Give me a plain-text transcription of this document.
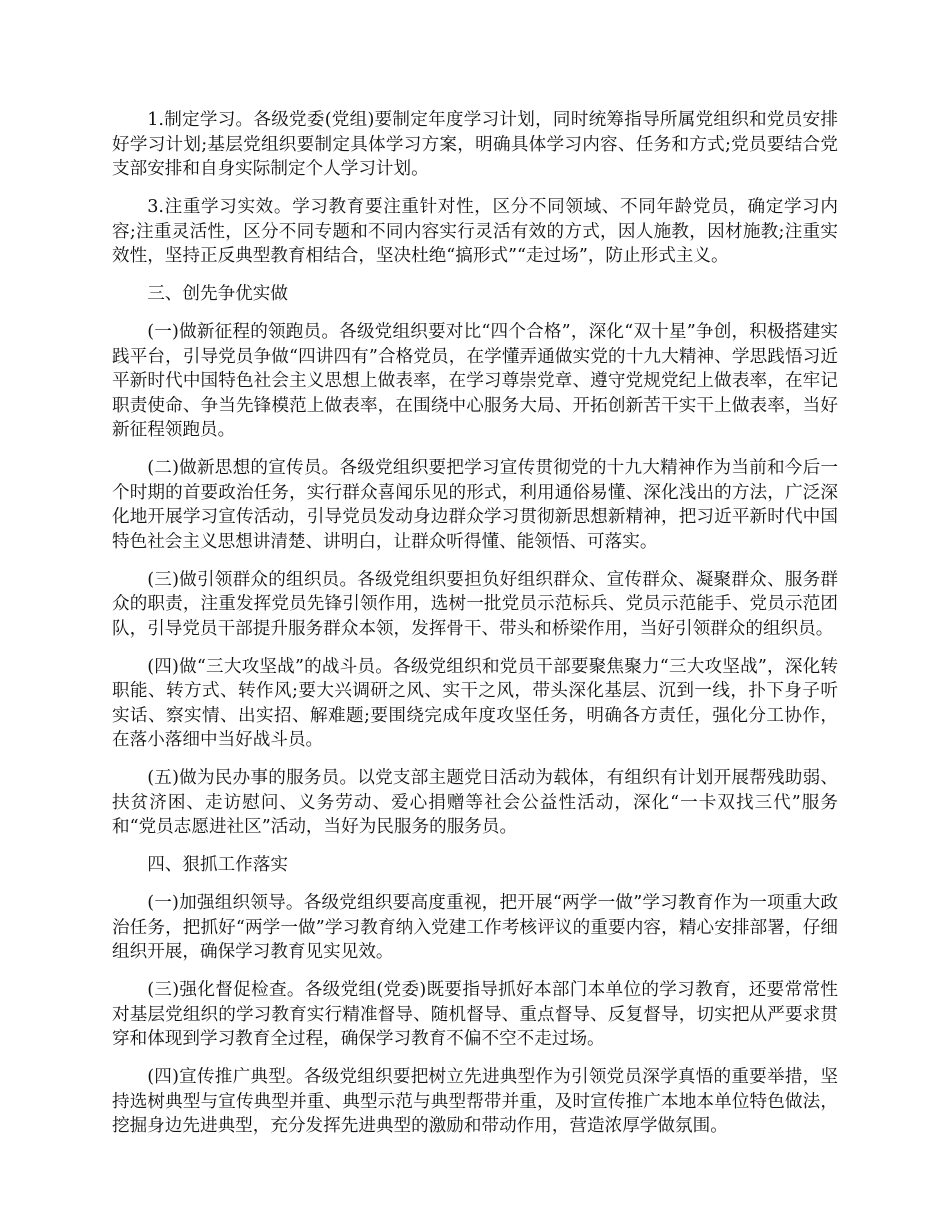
1.制定学习。各级党委(党组)要制定年度学习计划，同时统筹指导所属党组织和党员安排好学习计划;基层党组织要制定具体学习方案，明确具体学习内容、任务和方式;党员要结合党支部安排和自身实际制定个人学习计划。

3.注重学习实效。学习教育要注重针对性，区分不同领域、不同年龄党员，确定学习内容;注重灵活性，区分不同专题和不同内容实行灵活有效的方式，因人施教，因材施教;注重实效性，坚持正反典型教育相结合，坚决杜绝“搞形式”“走过场”，防止形式主义。

三、创先争优实做

(一)做新征程的领跑员。各级党组织要对比“四个合格”，深化“双十星”争创，积极搭建实践平台，引导党员争做“四讲四有”合格党员，在学懂弄通做实党的十九大精神、学思践悟习近平新时代中国特色社会主义思想上做表率，在学习尊崇党章、遵守党规党纪上做表率，在牢记职责使命、争当先锋模范上做表率，在围绕中心服务大局、开拓创新苦干实干上做表率，当好新征程领跑员。

(二)做新思想的宣传员。各级党组织要把学习宣传贯彻党的十九大精神作为当前和今后一个时期的首要政治任务，实行群众喜闻乐见的形式，利用通俗易懂、深化浅出的方法，广泛深化地开展学习宣传活动，引导党员发动身边群众学习贯彻新思想新精神，把习近平新时代中国特色社会主义思想讲清楚、讲明白，让群众听得懂、能领悟、可落实。

(三)做引领群众的组织员。各级党组织要担负好组织群众、宣传群众、凝聚群众、服务群众的职责，注重发挥党员先锋引领作用，选树一批党员示范标兵、党员示范能手、党员示范团队，引导党员干部提升服务群众本领，发挥骨干、带头和桥梁作用，当好引领群众的组织员。

(四)做“三大攻坚战”的战斗员。各级党组织和党员干部要聚焦聚力“三大攻坚战”，深化转职能、转方式、转作风;要大兴调研之风、实干之风，带头深化基层、沉到一线，扑下身子听实话、察实情、出实招、解难题;要围绕完成年度攻坚任务，明确各方责任，强化分工协作，在落小落细中当好战斗员。

(五)做为民办事的服务员。以党支部主题党日活动为载体，有组织有计划开展帮残助弱、扶贫济困、走访慰问、义务劳动、爱心捐赠等社会公益性活动，深化“一卡双找三代”服务和“党员志愿进社区”活动，当好为民服务的服务员。

四、狠抓工作落实

(一)加强组织领导。各级党组织要高度重视，把开展“两学一做”学习教育作为一项重大政治任务，把抓好“两学一做”学习教育纳入党建工作考核评议的重要内容，精心安排部署，仔细组织开展，确保学习教育见实见效。

(三)强化督促检查。各级党组(党委)既要指导抓好本部门本单位的学习教育，还要常常性对基层党组织的学习教育实行精准督导、随机督导、重点督导、反复督导，切实把从严要求贯穿和体现到学习教育全过程，确保学习教育不偏不空不走过场。

(四)宣传推广典型。各级党组织要把树立先进典型作为引领党员深学真悟的重要举措，坚持选树典型与宣传典型并重、典型示范与典型帮带并重，及时宣传推广本地本单位特色做法，挖掘身边先进典型，充分发挥先进典型的激励和带动作用，营造浓厚学做氛围。
